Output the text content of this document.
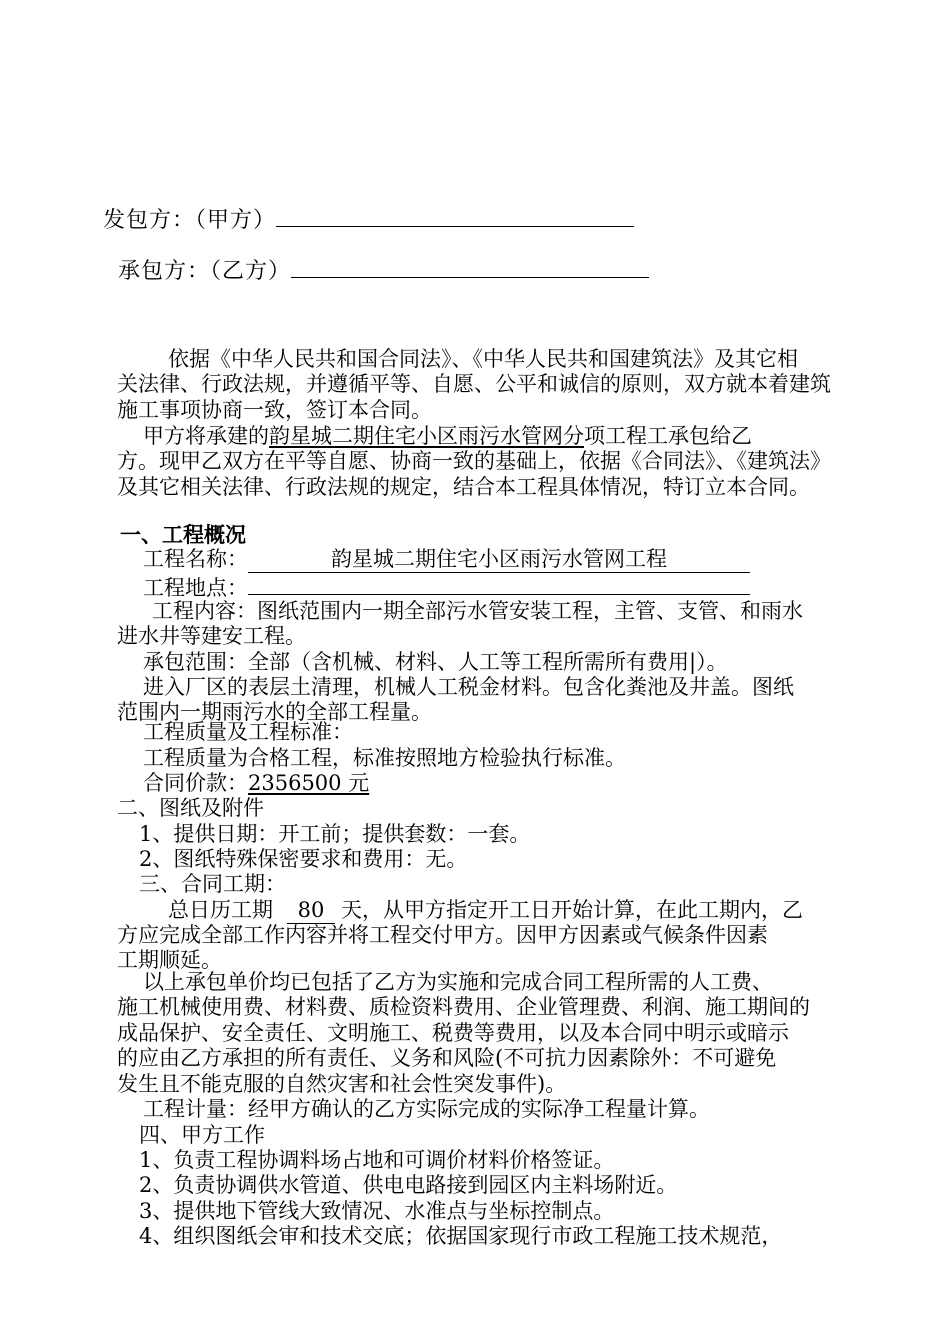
发包方：（甲方）
承包方：（乙方）
依据《中华人民共和国合同法》、《中华人民共和国建筑法》及其它相
关法律、行政法规，并遵循平等、自愿、公平和诚信的原则，双方就本着建筑
施工事项协商一致，签订本合同。
甲方将承建的韵星城二期住宅小区雨污水管网分项工程工承包给乙
方。现甲乙双方在平等自愿、协商一致的基础上，依据《合同法》、《建筑法》
及其它相关法律、行政法规的规定，结合本工程具体情况，特订立本合同。
一、工程概况
工程名称：	韵星城二期住宅小区雨污水管网工程
工程地点：
工程内容：图纸范围内一期全部污水管安装工程，主管、支管、和雨水
进水井等建安工程。
承包范围：全部（含机械、材料、人工等工程所需所有费用|）。
进入厂区的表层土清理，机械人工税金材料。包含化粪池及井盖。图纸
范围内一期雨污水的全部工程量。
工程质量及工程标准：
工程质量为合格工程，标准按照地方检验执行标准。
合同价款：2356500 元
二、图纸及附件
1、提供日期：开工前；提供套数：一套。
2、图纸特殊保密要求和费用：无。
三、合同工期：
总日历工期 80 天，从甲方指定开工日开始计算，在此工期内，乙
方应完成全部工作内容并将工程交付甲方。因甲方因素或气候条件因素
工期顺延。
以上承包单价均已包括了乙方为实施和完成合同工程所需的人工费、
施工机械使用费、材料费、质检资料费用、企业管理费、利润、施工期间的
成品保护、安全责任、文明施工、税费等费用，以及本合同中明示或暗示
的应由乙方承担的所有责任、义务和风险(不可抗力因素除外：不可避免
发生且不能克服的自然灾害和社会性突发事件)。
工程计量：经甲方确认的乙方实际完成的实际净工程量计算。
四、甲方工作
1、负责工程协调料场占地和可调价材料价格签证。
2、负责协调供水管道、供电电路接到园区内主料场附近。
3、提供地下管线大致情况、水准点与坐标控制点。
4、组织图纸会审和技术交底；依据国家现行市政工程施工技术规范，
